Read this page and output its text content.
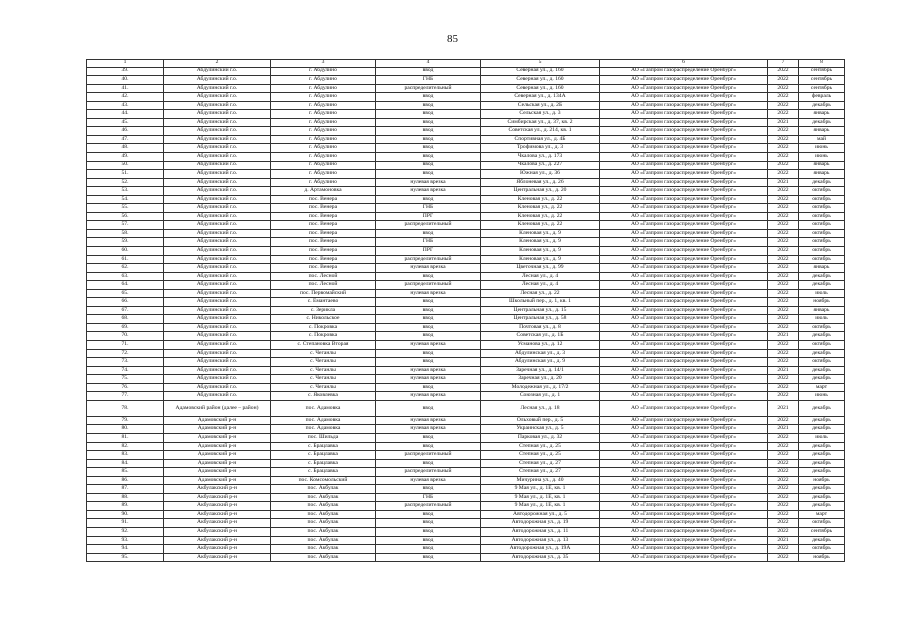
85
1	2	3	4	5	6	7	8
39.	Абдулинский г.о.	г. Абдулино	ввод	Северная ул., д. 160	АО «Газпром газораспределение Оренбург»	2022	сентябрь
40.	Абдулинский г.о.	г. Абдулино	ГНБ	Северная ул., д. 160	АО «Газпром газораспределение Оренбург»	2022	сентябрь
41.	Абдулинский г.о.	г. Абдулино	распределительный	Северная ул., д. 160	АО «Газпром газораспределение Оренбург»	2022	сентябрь
42.	Абдулинский г.о.	г. Абдулино	ввод	Северная ул., д. 134А	АО «Газпром газораспределение Оренбург»	2022	февраль
43.	Абдулинский г.о.	г. Абдулино	ввод	Сельская ул., д. 2Б	АО «Газпром газораспределение Оренбург»	2022	декабрь
44.	Абдулинский г.о.	г. Абдулино	ввод	Сельская ул., д. 3	АО «Газпром газораспределение Оренбург»	2022	январь
45.	Абдулинский г.о.	г. Абдулино	ввод	Симбирская ул., д. 37, кв. 2	АО «Газпром газораспределение Оренбург»	2021	декабрь
46.	Абдулинский г.о.	г. Абдулино	ввод	Советская ул., д. 214, кв. 1	АО «Газпром газораспределение Оренбург»	2022	январь
47.	Абдулинский г.о.	г. Абдулино	ввод	Спортивная ул., д. 4Б	АО «Газпром газораспределение Оренбург»	2022	май
48.	Абдулинский г.о.	г. Абдулино	ввод	Трофимова ул., д. 3	АО «Газпром газораспределение Оренбург»	2022	июнь
49.	Абдулинский г.о.	г. Абдулино	ввод	Чкалова ул., д. 173	АО «Газпром газораспределение Оренбург»	2022	июнь
50.	Абдулинский г.о.	г. Абдулино	ввод	Чкалова ул., д. 227	АО «Газпром газораспределение Оренбург»	2022	январь
51.	Абдулинский г.о.	г. Абдулино	ввод	Южная ул., д. 36	АО «Газпром газораспределение Оренбург»	2022	январь
52.	Абдулинский г.о.	г. Абдулино	нулевая врезка	Яблоневая ул., д. 26	АО «Газпром газораспределение Оренбург»	2021	декабрь
53.	Абдулинский г.о.	д. Артамоновка	нулевая врезка	Центральная ул., д. 20	АО «Газпром газораспределение Оренбург»	2022	октябрь
54.	Абдулинский г.о.	пос. Венера	ввод	Кленовая ул., д. 22	АО «Газпром газораспределение Оренбург»	2022	октябрь
55.	Абдулинский г.о.	пос. Венера	ГНБ	Кленовая ул., д. 22	АО «Газпром газораспределение Оренбург»	2022	октябрь
56.	Абдулинский г.о.	пос. Венера	ПРГ	Кленовая ул., д. 22	АО «Газпром газораспределение Оренбург»	2022	октябрь
57.	Абдулинский г.о.	пос. Венера	распределительный	Кленовая ул., д. 22	АО «Газпром газораспределение Оренбург»	2022	октябрь
58.	Абдулинский г.о.	пос. Венера	ввод	Кленовая ул., д. 9	АО «Газпром газораспределение Оренбург»	2022	октябрь
59.	Абдулинский г.о.	пос. Венера	ГНБ	Кленовая ул., д. 9	АО «Газпром газораспределение Оренбург»	2022	октябрь
60.	Абдулинский г.о.	пос. Венера	ПРГ	Кленовая ул., д. 9	АО «Газпром газораспределение Оренбург»	2022	октябрь
61.	Абдулинский г.о.	пос. Венера	распределительный	Кленовая ул., д. 9	АО «Газпром газораспределение Оренбург»	2022	октябрь
62.	Абдулинский г.о.	пос. Венера	нулевая врезка	Цветочная ул., д. 99	АО «Газпром газораспределение Оренбург»	2022	январь
63.	Абдулинский г.о.	пос. Лесной	ввод	Лесная ул., д. 4	АО «Газпром газораспределение Оренбург»	2022	декабрь
64.	Абдулинский г.о.	пос. Лесной	распределительный	Лесная ул., д. 4	АО «Газпром газораспределение Оренбург»	2022	декабрь
65.	Абдулинский г.о.	пос. Первомайский	нулевая врезка	Лесная ул., д. 22	АО «Газпром газораспределение Оренбург»	2022	июль
66.	Абдулинский г.о.	с. Емантаево	ввод	Школьный пер., д. 1, кв. 1	АО «Газпром газораспределение Оренбург»	2022	ноябрь
67.	Абдулинский г.о.	с. Зериклa	ввод	Центральная ул., д. 15	АО «Газпром газораспределение Оренбург»	2022	январь
68.	Абдулинский г.о.	с. Никольское	ввод	Центральная ул., д. 58	АО «Газпром газораспределение Оренбург»	2022	июль
69.	Абдулинский г.о.	с. Покровка	ввод	Почтовая ул., д. 8	АО «Газпром газораспределение Оренбург»	2022	октябрь
70.	Абдулинский г.о.	с. Покровка	ввод	Советская ул., д. 1Б	АО «Газпром газораспределение Оренбург»	2021	декабрь
71.	Абдулинский г.о.	с. Степановка Вторая	нулевая врезка	Усманова ул., д. 12	АО «Газпром газораспределение Оренбург»	2022	октябрь
72.	Абдулинский г.о.	с. Чеганлы	ввод	Абдулинская ул., д. 3	АО «Газпром газораспределение Оренбург»	2022	декабрь
73.	Абдулинский г.о.	с. Чеганлы	ввод	Абдулинская ул., д. 9	АО «Газпром газораспределение Оренбург»	2022	октябрь
74.	Абдулинский г.о.	с. Чеганлы	нулевая врезка	Заречная ул., д. 14/1	АО «Газпром газораспределение Оренбург»	2021	декабрь
75.	Абдулинский г.о.	с. Чеганлы	нулевая врезка	Заречная ул., д. 20	АО «Газпром газораспределение Оренбург»	2022	декабрь
76.	Абдулинский г.о.	с. Чеганлы	ввод	Молодежная ул., д. 17/2	АО «Газпром газораспределение Оренбург»	2022	март
77.	Абдулинский г.о.	с. Яковлевка	нулевая врезка	Союзная ул., д. 1	АО «Газпром газораспределение Оренбург»	2022	июнь
78.	Адамовский район (далее – район)	пос. Адамовка	ввод	Лесная ул., д. 18	АО «Газпром газораспределение Оренбург»	2021	декабрь
79.	Адамовский р-н	пос. Адамовка	нулевая врезка	Ольховый пер., д. 5	АО «Газпром газораспределение Оренбург»	2022	декабрь
80.	Адамовский р-н	пос. Адамовка	нулевая врезка	Украинская ул., д. 5	АО «Газпром газораспределение Оренбург»	2021	декабрь
81.	Адамовский р-н	пос. Шильда	ввод	Парковая ул., д. 32	АО «Газпром газораспределение Оренбург»	2022	июль
82.	Адамовский р-н	с. Брацлавка	ввод	Степная ул., д. 25	АО «Газпром газораспределение Оренбург»	2022	декабрь
83.	Адамовский р-н	с. Брацлавка	распределительный	Степная ул., д. 25	АО «Газпром газораспределение Оренбург»	2022	декабрь
84.	Адамовский р-н	с. Брацлавка	ввод	Степная ул., д. 27	АО «Газпром газораспределение Оренбург»	2022	декабрь
85.	Адамовский р-н	с. Брацлавка	распределительный	Степная ул., д. 27	АО «Газпром газораспределение Оренбург»	2022	декабрь
86.	Адамовский р-н	пос. Комсомольский	нулевая врезка	Мичурина ул., д. 40	АО «Газпром газораспределение Оренбург»	2022	ноябрь
87.	Акбулакский р-н	пос. Акбулак	ввод	9 Мая ул., д. 1Е, кв. 1	АО «Газпром газораспределение Оренбург»	2022	декабрь
88.	Акбулакский р-н	пос. Акбулак	ГНБ	9 Мая ул., д. 1Е, кв. 1	АО «Газпром газораспределение Оренбург»	2022	декабрь
89.	Акбулакский р-н	пос. Акбулак	распределительный	9 Мая ул., д. 1Е, кв. 1	АО «Газпром газораспределение Оренбург»	2022	декабрь
90.	Акбулакский р-н	пос. Акбулак	ввод	Автодорожная ул., д. 5	АО «Газпром газораспределение Оренбург»	2022	март
91.	Акбулакский р-н	пос. Акбулак	ввод	Автодорожная ул., д. 19	АО «Газпром газораспределение Оренбург»	2022	октябрь
92.	Акбулакский р-н	пос. Акбулак	ввод	Автодорожная ул., д. 11	АО «Газпром газораспределение Оренбург»	2022	сентябрь
93.	Акбулакский р-н	пос. Акбулак	ввод	Автодорожная ул., д. 13	АО «Газпром газораспределение Оренбург»	2021	декабрь
94.	Акбулакский р-н	пос. Акбулак	ввод	Автодорожная ул., д. 19А	АО «Газпром газораспределение Оренбург»	2022	октябрь
95.	Акбулакский р-н	пос. Акбулак	ввод	Автодорожная ул., д. 35	АО «Газпром газораспределение Оренбург»	2022	ноябрь
